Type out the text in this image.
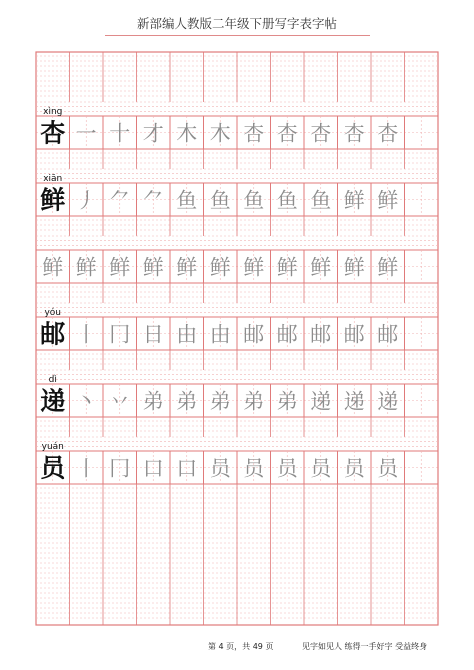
新部编人教版二年级下册写字表字帖
xìng
杏 一 十 才 木 木 杏 杏 杏 杏 杏
xiān
鲜 丿 ⺈ ⺈ 鱼 鱼 鱼 鱼 鱼 鲜 鲜
鲜 鲜 鲜 鲜 鲜 鲜 鲜 鲜 鲜 鲜 鲜
yóu
邮 丨 冂 日 由 由 邮 邮 邮 邮 邮
dì
递 丶 丷 弟 弟 弟 弟 弟 递 递 递
yuán
员 丨 冂 口 口 员 员 员 员 员 员
第 4 页，共 49 页	见字如见人 练得一手好字 受益终身
